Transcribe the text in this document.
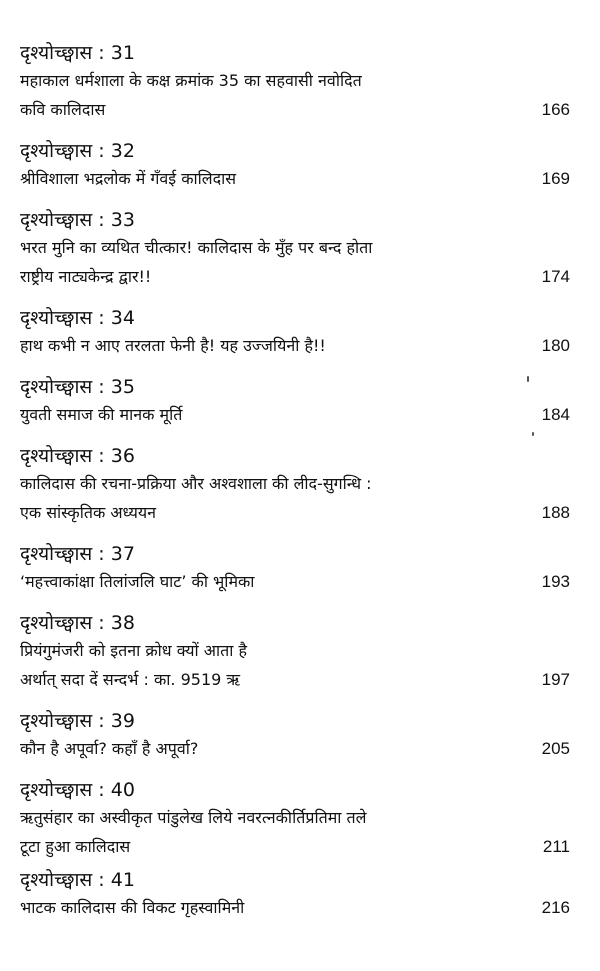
दृश्योच्छ्वास : 31
महाकाल धर्मशाला के कक्ष क्रमांक 35 का सहवासी नवोदित
कवि कालिदास	166
दृश्योच्छ्वास : 32
श्रीविशाला भद्रलोक में गँवई कालिदास	169
दृश्योच्छ्वास : 33
भरत मुनि का व्यथित चीत्कार! कालिदास के मुँह पर बन्द होता
राष्ट्रीय नाट्यकेन्द्र द्वार!!	174
दृश्योच्छ्वास : 34
हाथ कभी न आए तरलता फेनी है! यह उज्जयिनी है!!	180
दृश्योच्छ्वास : 35
युवती समाज की मानक मूर्ति	184
दृश्योच्छ्वास : 36
कालिदास की रचना-प्रक्रिया और अश्वशाला की लीद-सुगन्धि :
एक सांस्कृतिक अध्ययन	188
दृश्योच्छ्वास : 37
‘महत्त्वाकांक्षा तिलांजलि घाट’ की भूमिका	193
दृश्योच्छ्वास : 38
प्रियंगुमंजरी को इतना क्रोध क्यों आता है
अर्थात् सदा दें सन्दर्भ : का. 9519 ऋ	197
दृश्योच्छ्वास : 39
कौन है अपूर्वा? कहाँ है अपूर्वा?	205
दृश्योच्छ्वास : 40
ऋतुसंहार का अस्वीकृत पांडुलेख लिये नवरत्नकीर्तिप्रतिमा तले
टूटा हुआ कालिदास	211
दृश्योच्छ्वास : 41
भाटक कालिदास की विकट गृहस्वामिनी	216
